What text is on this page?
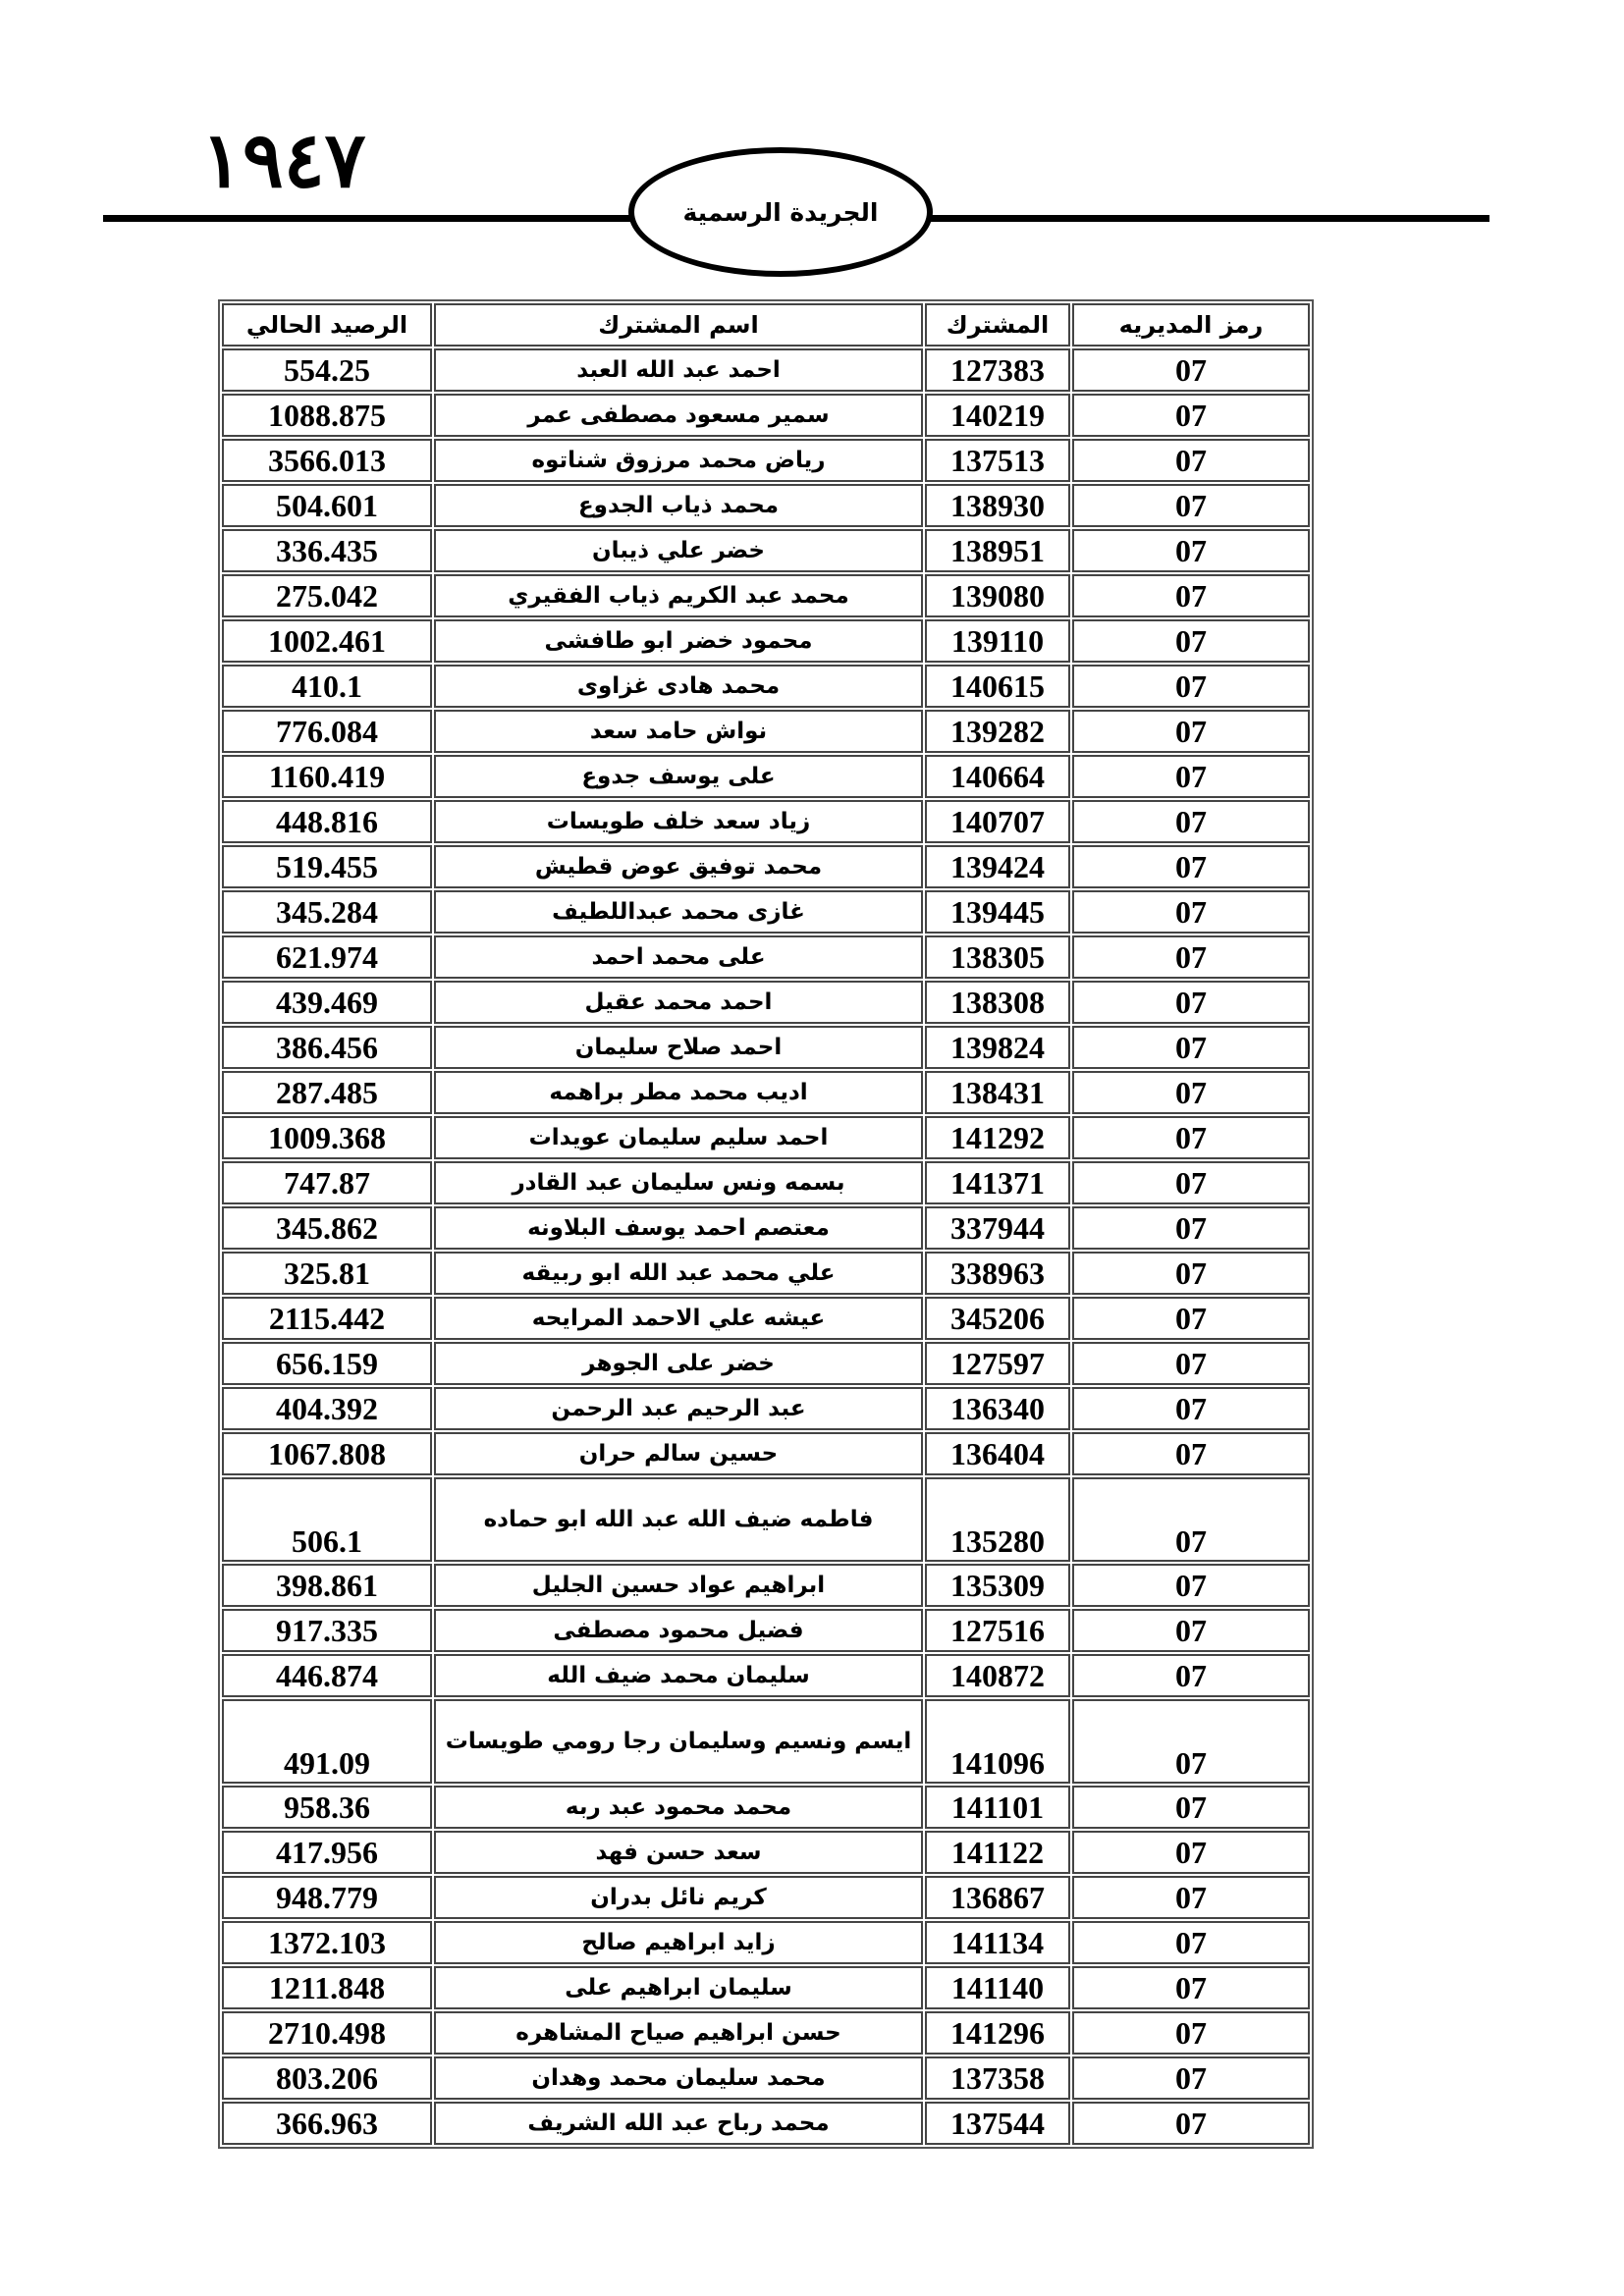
١٩٤٧
الجريدة الرسمية
رمز المديريه	المشترك	اسم المشترك	الرصيد الحالي
07	127383	احمد عبد الله العبد	554.25
07	140219	سمير مسعود مصطفى عمر	1088.875
07	137513	رياض محمد مرزوق شناتوه	3566.013
07	138930	محمد ذياب الجدوع	504.601
07	138951	خضر علي ذيبان	336.435
07	139080	محمد عبد الكريم ذياب الفقيري	275.042
07	139110	محمود خضر ابو طافشى	1002.461
07	140615	محمد هادى غزاوى	410.1
07	139282	نواش حامد سعد	776.084
07	140664	على يوسف جدوع	1160.419
07	140707	زياد سعد خلف طويسات	448.816
07	139424	محمد توفيق عوض قطيش	519.455
07	139445	غازى محمد عبداللطيف	345.284
07	138305	على محمد احمد	621.974
07	138308	احمد محمد عقيل	439.469
07	139824	احمد صلاح سليمان	386.456
07	138431	اديب محمد مطر براهمه	287.485
07	141292	احمد سليم سليمان عويدات	1009.368
07	141371	بسمه ونس سليمان عبد القادر	747.87
07	337944	معتصم احمد يوسف البلاونه	345.862
07	338963	علي محمد عبد الله ابو ربيقه	325.81
07	345206	عيشه علي الاحمد المرايحه	2115.442
07	127597	خضر على الجوهر	656.159
07	136340	عبد الرحيم عبد الرحمن	404.392
07	136404	حسين سالم حران	1067.808
07	135280	فاطمه ضيف الله عبد الله ابو حماده	506.1
07	135309	ابراهيم عواد حسين الجليل	398.861
07	127516	فضيل محمود مصطفى	917.335
07	140872	سليمان محمد ضيف الله	446.874
07	141096	ايسم ونسيم وسليمان رجا رومي طويسات	491.09
07	141101	محمد محمود عبد ربه	958.36
07	141122	سعد حسن فهد	417.956
07	136867	كريم نائل بدران	948.779
07	141134	زايد ابراهيم صالح	1372.103
07	141140	سليمان ابراهيم على	1211.848
07	141296	حسن ابراهيم صياح المشاهره	2710.498
07	137358	محمد سليمان محمد وهدان	803.206
07	137544	محمد رباح عبد الله الشريف	366.963
